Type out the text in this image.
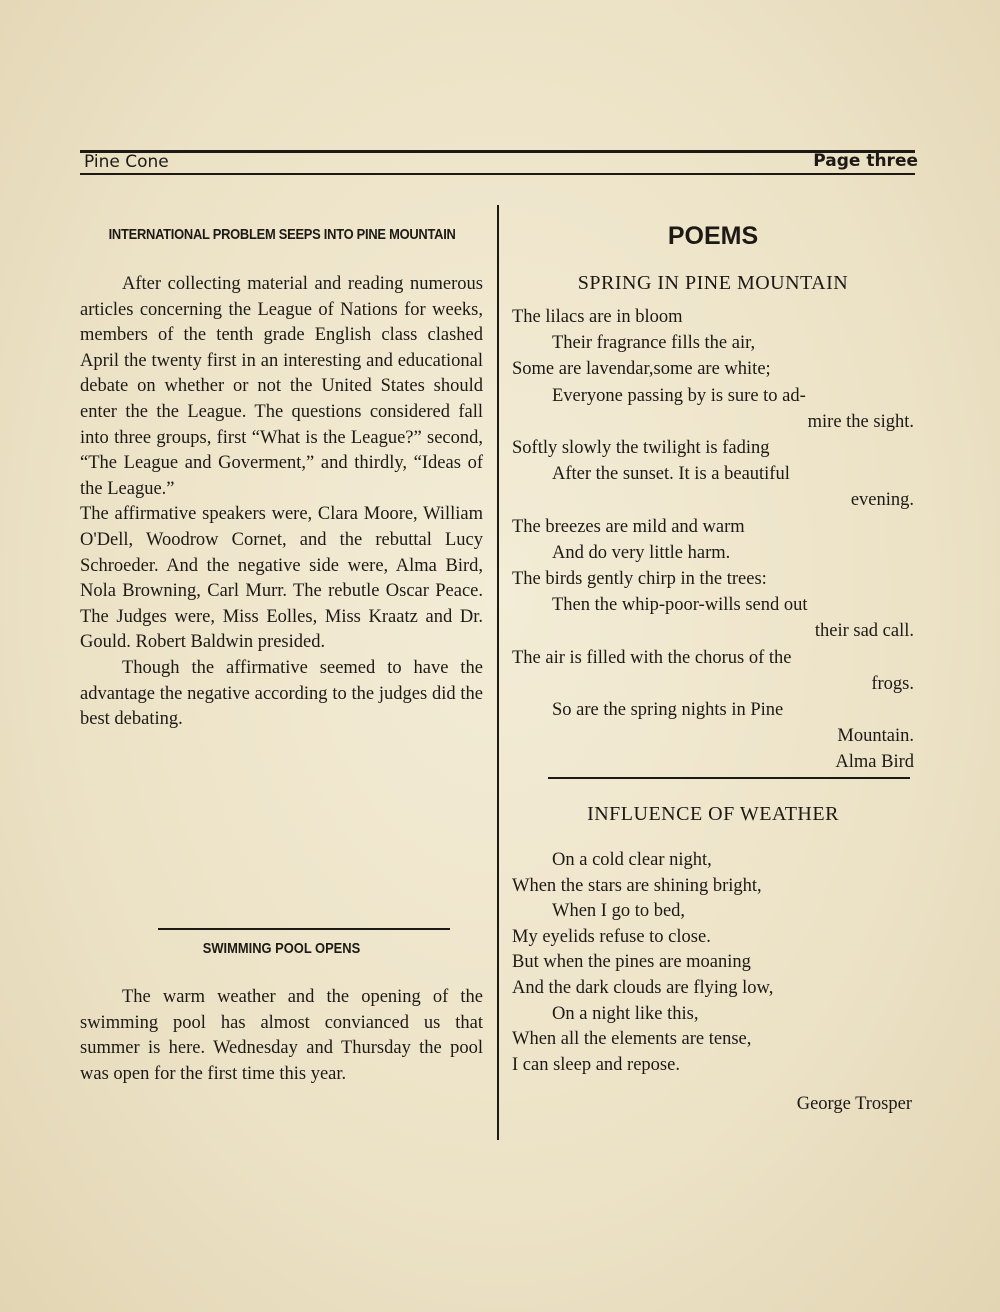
Pine Cone	Page three
INTERNATIONAL PROBLEM SEEPS INTO PINE MOUNTAIN

After collecting material and reading numerous articles concerning the League of Nations for weeks, members of the tenth grade English class clashed April the twenty first in an interesting and educational debate on whether or not the United States should enter the the League. The questions considered fall into three groups, first “What is the League?” second, “The League and Goverment,” and thirdly, “Ideas of the League.”

The affirmative speakers were, Clara Moore, William O'Dell, Woodrow Cornet, and the rebuttal Lucy Schroeder. And the negative side were, Alma Bird, Nola Browning, Carl Murr. The rebutle Oscar Peace. The Judges were, Miss Eolles, Miss Kraatz and Dr. Gould. Robert Baldwin presided.

Though the affirmative seemed to have the advantage the negative according to the judges did the best debating.

SWIMMING POOL OPENS

The warm weather and the opening of the swimming pool has almost convianced us that summer is here. Wednesday and Thursday the pool was open for the first time this year.

POEMS
SPRING IN PINE MOUNTAIN
The lilacs are in bloom
Their fragrance fills the air,
Some are lavendar,some are white;
Everyone passing by is sure to ad-
mire the sight.
Softly slowly the twilight is fading
After the sunset. It is a beautiful
evening.
The breezes are mild and warm
And do very little harm.
The birds gently chirp in the trees:
Then the whip-poor-wills send out
their sad call.
The air is filled with the chorus of the
frogs.
So are the spring nights in Pine
Mountain.
Alma Bird
INFLUENCE OF WEATHER
On a cold clear night,
When the stars are shining bright,
When I go to bed,
My eyelids refuse to close.
But when the pines are moaning
And the dark clouds are flying low,
On a night like this,
When all the elements are tense,
I can sleep and repose.
George Trosper
